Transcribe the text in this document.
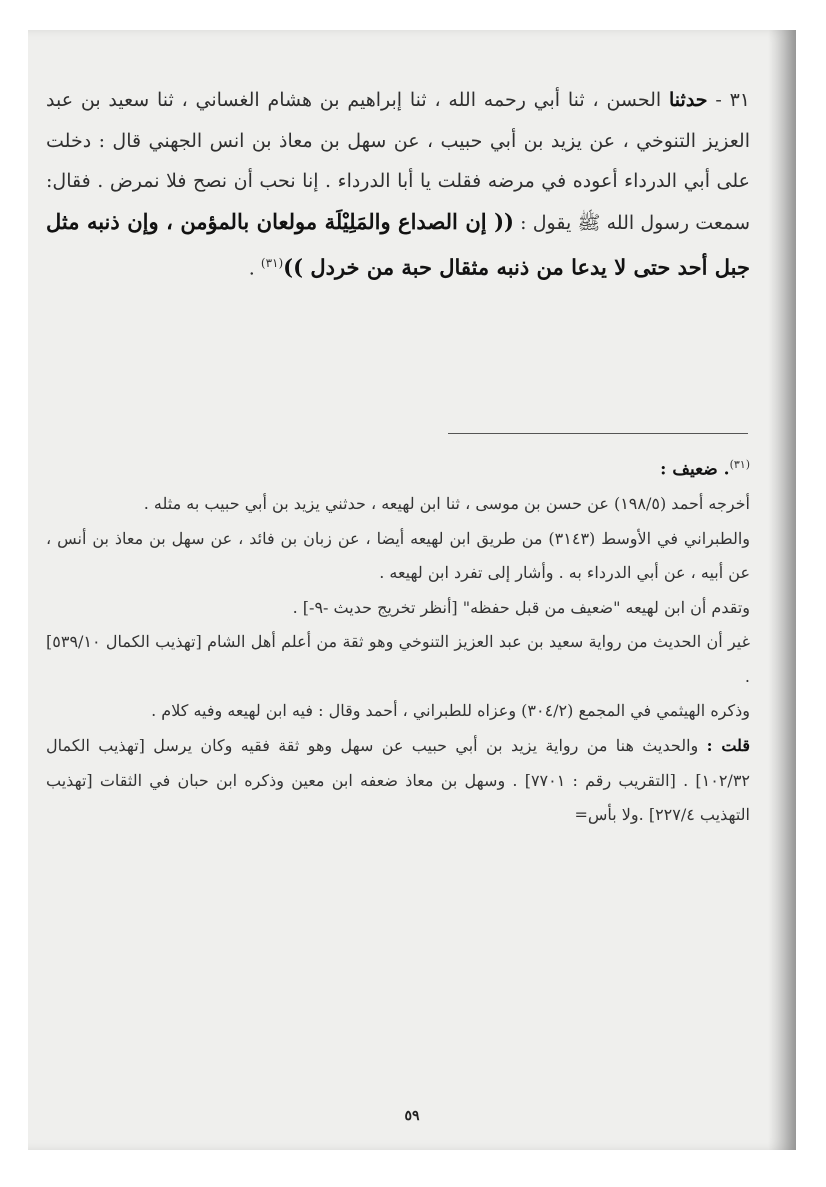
٣١ - حدثنا الحسن ، ثنا أبي رحمه الله ، ثنا إبراهيم بن هشام الغساني ، ثنا سعيد بن عبد العزيز التنوخي ، عن يزيد بن أبي حبيب ، عن سهل بن معاذ بن انس الجهني قال : دخلت على أبي الدرداء أعوده في مرضه فقلت يا أبا الدرداء . إنا نحب أن نصح فلا نمرض . فقال: سمعت رسول الله ﷺ يقول : (( إن الصداع والمَلِيْلَة مولعان بالمؤمن ، وإن ذنبه مثل جبل أحد حتى لا يدعا من ذنبه مثقال حبة من خردل ))$^{(٣١)}$ .

$^{(٣١)}$. ضعيف :

أخرجه أحمد (١٩٨/٥) عن حسن بن موسى ، ثنا ابن لهيعه ، حدثني يزيد بن أبي حبيب به مثله .

والطبراني في الأوسط (٣١٤٣) من طريق ابن لهيعه أيضا ، عن زبان بن فائد ، عن سهل بن معاذ بن أنس ، عن أبيه ، عن أبي الدرداء به . وأشار إلى تفرد ابن لهيعه .

وتقدم أن ابن لهيعه "ضعيف من قبل حفظه" [أنظر تخريج حديث -٩-] .

غير أن الحديث من رواية سعيد بن عبد العزيز التنوخي وهو ثقة من أعلم أهل الشام [تهذيب الكمال ٥٣٩/١٠] .

وذكره الهيثمي في المجمع (٣٠٤/٢) وعزاه للطبراني ، أحمد وقال : فيه ابن لهيعه وفيه كلام .

قلت : والحديث هنا من رواية يزيد بن أبي حبيب عن سهل وهو ثقة فقيه وكان يرسل [تهذيب الكمال ١٠٢/٣٢] . [التقريب رقم : ٧٧٠١] . وسهل بن معاذ ضعفه ابن معين وذكره ابن حبان في الثقات [تهذيب التهذيب ٢٢٧/٤] .ولا بأس=

٥٩
